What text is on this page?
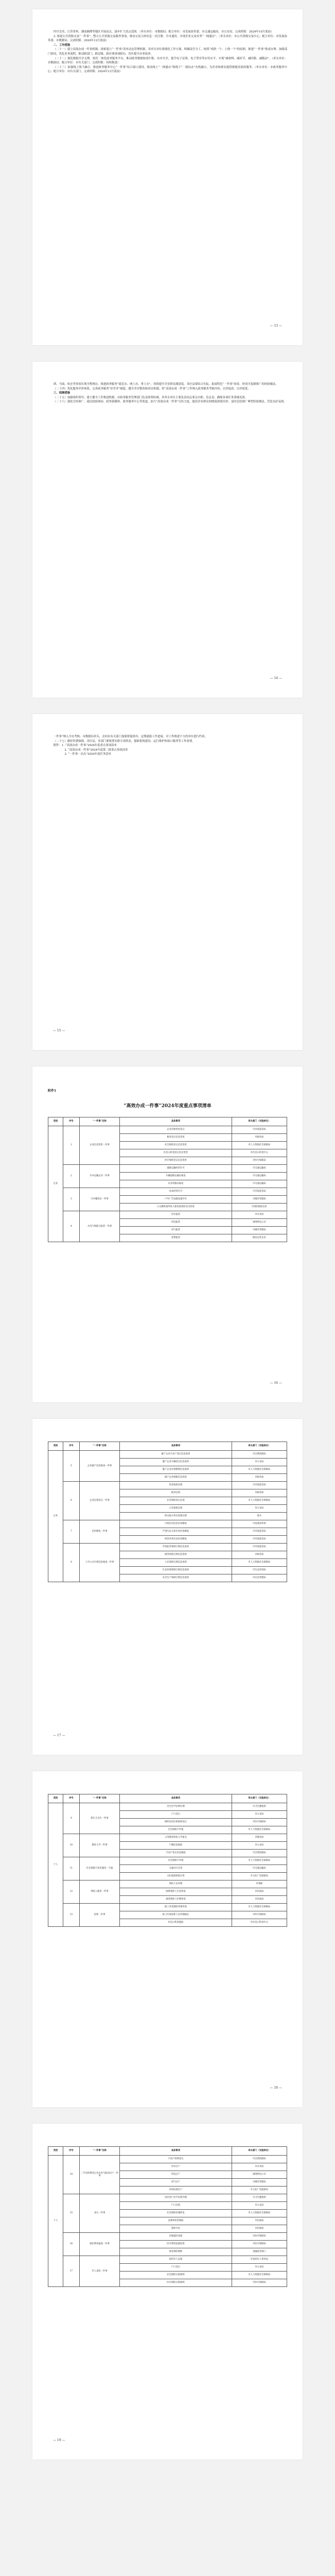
四川宜宾、江苏常州、湖南湘潭等地区开展试点，逐步扩大试点范围。（牵头单位：市数据局；配合单位：市发展改革委、市交通运输局、市公安局。完成时限：2024年10月底前）

3. 推进公共资源交易“一件事”。整合公共资源交易服务事项，推动交易主体信息一次注册、全市通用，实现企业交易业务“一网通办”。（牵头单位：市公共资源交易中心；配合单位：市发展改革委、市数据局。完成时限：2024年12月底前）

二、工作措施

（二十一）建立高效办成一件事机制。探索建立“一件事”清单动态管理机制，各牵头单位要细化工作方案，明确责任分工，按照“成熟一个、上线一个”的原则，推进“一件事”集成办理。加强部门协同，优化业务流程，推动跨部门、跨层级、跨区域事项联办，切实提升办事效率。

（二十二）强化数据共享支撑。依托一体化政务服务平台，推动政务数据按需归集、有序共享，提升电子证照、电子签章等应用水平，实现“减材料、减环节、减时限、减跑动”。（牵头单位：市数据局；配合单位：市有关部门。完成时限：持续推进）

（二十三）加强线上线下融合。推进政务服务中心“一件事”综合窗口建设，推动线上“一网通办”和线下“一窗综办”有机融合，为企业和群众提供便捷高效的服务。（牵头单位：市政务服务中心；配合单位：市有关部门。完成时限：2024年12月底前）

— 13 —

到、当面、转办等事项实现全程网办，推进政务服务“就近办、网上办、掌上办”，持续提升企业群众满意度。各区县要结合实际，拓展特色“一件事”场景，形成可复制推广的经验做法。

（二十四）优化服务评价体系。完善政务服务“好差评”制度，健全差评整改和回访机制，将“高效办成一件事”工作纳入政务服务考核内容，以评促改、以评促优。

三、保障措施

（二十五）加强组织领导。建立健全工作推进机制，市政务服务管理部门负责统筹协调，各牵头单位主要负责同志要亲自抓、负总责，确保各项任务落地见效。

（二十六）强化宣传推广。通过政府网站、政务新媒体、政务服务中心等渠道，加大“高效办成一件事”宣传力度，提高企业群众知晓度和使用率。及时总结推广典型经验做法，营造良好氛围。

— 14 —

一件事”纳入全市考核。市数据局牵头，会同市有关部门加强督促指导，定期通报工作进展，对工作推进不力的单位进行约谈。

（二十七）做好经费保障。各区县、各部门要统筹安排专项资金，保障系统建设、运行维护和窗口服务等工作需要。

附件：1. “高效办成一件事”2024年度重点事项清单

2. “高效办成一件事”2024年度第二批重点事项清单

3. “一件事一次办”2024年度任务清单

— 15 —

附件1

“高效办成一件事”2024年度重点事项清单

类别	序号	“一件事”名称	具体事项	牵头部门（实施单位）
企业	1	企业信息变更一件事	企业名称变更登记	市市场监管局
			税务登记信息变更	市税务局
			社会保险登记信息变更	市人力资源社会保障局
			住房公积金登记信息变更	市住房公积金中心
			医疗保险登记信息变更	市医疗保障局
	2	开办运输企业一件事	道路运输经营许可	市交通运输局
			车辆道路运输证核发	市交通运输局
			从业资格证核发	市交通运输局
	3	开办餐饮店一件事	食品经营许可	市市场监管局
			户外广告设施设置许可	市城市管理局
			公众聚集场所投入使用前消防安全检查	市消防救援支队
	4	水电气网联合报装一件事	用水报装	市水务局
			用电报装	国网供电公司
			用气报装	市城市管理局
			宽带报装	通信运营企业
— 16 —
类别	序号	“一件事”名称	具体事项	牵头部门（实施单位）
企业	5	企业破产信息核查一件事	破产企业不动产登记信息查询	市自然资源局
			破产企业车辆登记信息查询	市公安局
			破产企业社保缴费信息查询	市人力资源社会保障局
			破产企业纳税信息查询	市税务局
	6	企业注销登记一件事	营业执照注销	市市场监管局
			税务注销	市税务局
			社会保险登记注销	市人力资源社会保障局
			公章备案注销	市公安局
			海关报关单位备案注销	海关
	7	信用修复一件事	行政处罚信息信用修复	市发展改革委
			严重失信主体名单信用修复	市市场监管局
			经营异常名录信用修复	市市场监管局
	8	上市公司合规信息核查一件事	市场监管领域合规信息查询	市市场监管局
			税务领域合规信息查询	市税务局
			人社领域合规信息查询	市人力资源社会保障局
			生态环境领域合规信息查询	市生态环境局
			安全生产领域合规信息查询	市应急管理局
— 17 —
类别	序号	“一件事”名称	具体事项	牵头部门（实施单位）
个人	9	新生儿出生一件事	出生医学证明办理	市卫生健康委
			户口登记	市公安局
			城乡居民医保参保登记	市医疗保障局
			社会保障卡申领	市人力资源社会保障局
	10	教育入学一件事	义务教育阶段入学报名	市教育局
			户籍信息核验	市公安局
			不动产登记信息核验	市自然资源局
	11	社会保障卡居民服务一卡通	社会保障卡申领	市人力资源社会保障局
			交通出行应用	市交通运输局
			文化旅游场馆应用	市文化广电旅游局
	12	残疾人服务一件事	残疾人证办理	市残联
			困难残疾人生活补贴	市民政局
			重度残疾人护理补贴	市民政局
	13	退休一件事	职工养老保险待遇申领	市人力资源社会保障局
			职工医保退休人员待遇核定	市医疗保障局
			住房公积金提取	市住房公积金中心
— 18 —
类别	序号	“一件事”名称	具体事项	牵头部门（实施单位）
个人	14	二手房转移登记及水电气联动过户一件事	不动产转移登记	市自然资源局
			用水过户	市水务局
			用电过户	国网供电公司
			用气过户	市城市管理局
			有线电视过户	市文化广电旅游局
	15	身后一件事	居民死亡医学证明办理	市卫生健康委
			户口注销	市公安局
			社会保险待遇停发	市人力资源社会保障局
			丧葬补助金领取	市民政局
			遗体火化	市民政局
	16	就医费用报销一件事	异地就医备案	市医疗保障局
			医疗费用直接结算	市医疗保障局
			商业保险理赔	金融监管部门
	17	军人退役一件事	退役军人安置	市退役军人事务局
			户口登记	市公安局
			社会保险关系接续	市人力资源社会保障局
			医疗保险关系接续	市医疗保障局
— 19 —
